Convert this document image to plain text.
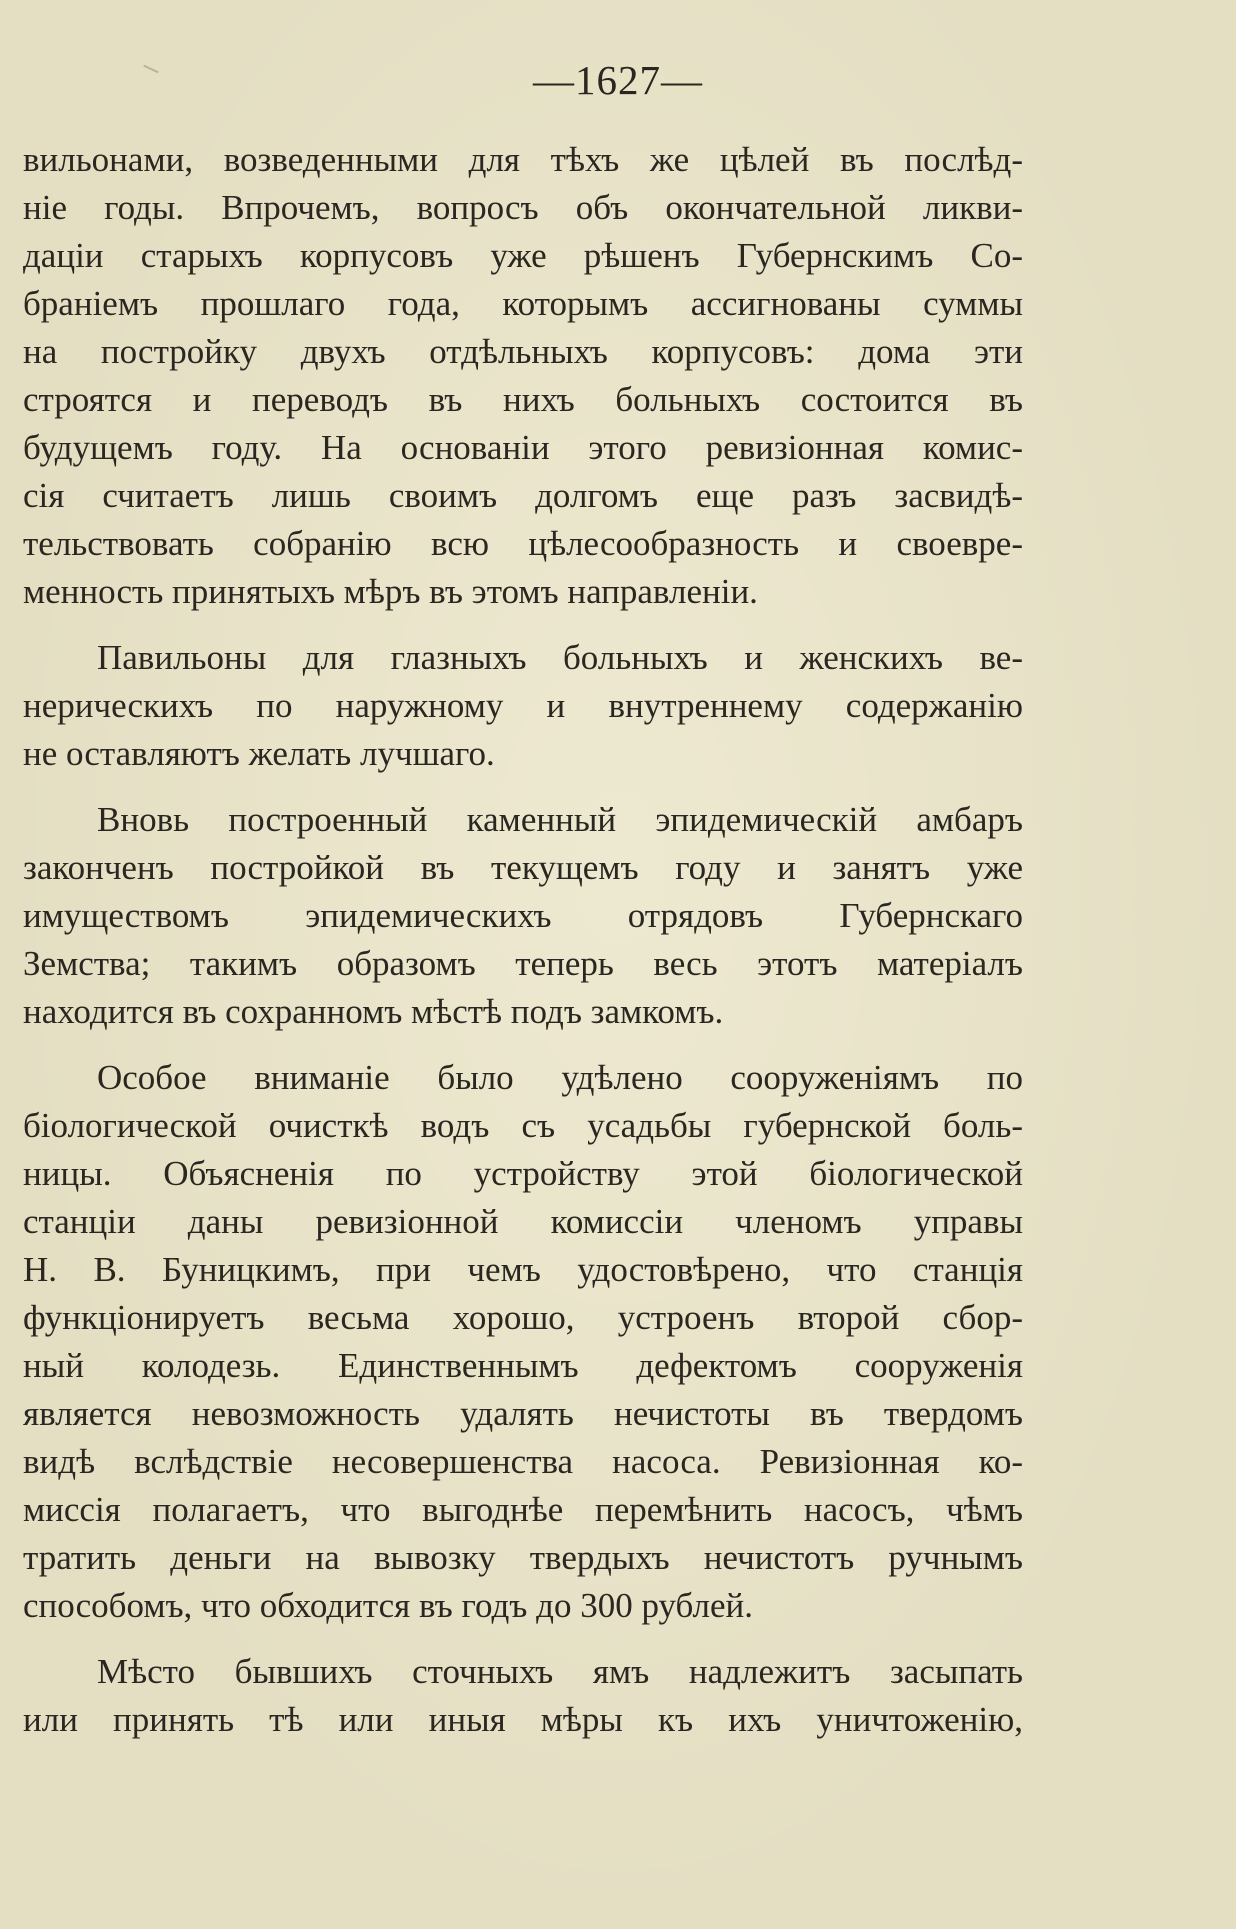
—1627—
вильонами, возведенными для тѣхъ же цѣлей въ послѣд-
ніе годы. Впрочемъ, вопросъ объ окончательной ликви-
даціи старыхъ корпусовъ уже рѣшенъ Губернскимъ Со-
браніемъ прошлаго года, которымъ ассигнованы суммы
на постройку двухъ отдѣльныхъ корпусовъ: дома эти
строятся и переводъ въ нихъ больныхъ состоится въ
будущемъ году. На основаніи этого ревизіонная комис-
сія считаетъ лишь своимъ долгомъ еще разъ засвидѣ-
тельствовать собранію всю цѣлесообразность и своевре-
менность принятыхъ мѣръ въ этомъ направленіи.
Павильоны для глазныхъ больныхъ и женскихъ ве-
нерическихъ по наружному и внутреннему содержанію
не оставляютъ желать лучшаго.
Вновь построенный каменный эпидемическій амбаръ
законченъ постройкой въ текущемъ году и занятъ уже
имуществомъ эпидемическихъ отрядовъ Губернскаго
Земства; такимъ образомъ теперь весь этотъ матеріалъ
находится въ сохранномъ мѣстѣ подъ замкомъ.
Особое вниманіе было удѣлено сооруженіямъ по
біологической очисткѣ водъ съ усадьбы губернской боль-
ницы. Объясненія по устройству этой біологической
станціи даны ревизіонной комиссіи членомъ управы
Н. В. Буницкимъ, при чемъ удостовѣрено, что станція
функціонируетъ весьма хорошо, устроенъ второй сбор-
ный колодезь. Единственнымъ дефектомъ сооруженія
является невозможность удалять нечистоты въ твердомъ
видѣ вслѣдствіе несовершенства насоса. Ревизіонная ко-
миссія полагаетъ, что выгоднѣе перемѣнить насосъ, чѣмъ
тратить деньги на вывозку твердыхъ нечистотъ ручнымъ
способомъ, что обходится въ годъ до 300 рублей.
Мѣсто бывшихъ сточныхъ ямъ надлежитъ засыпать
или принять тѣ или иныя мѣры къ ихъ уничтоженію,
